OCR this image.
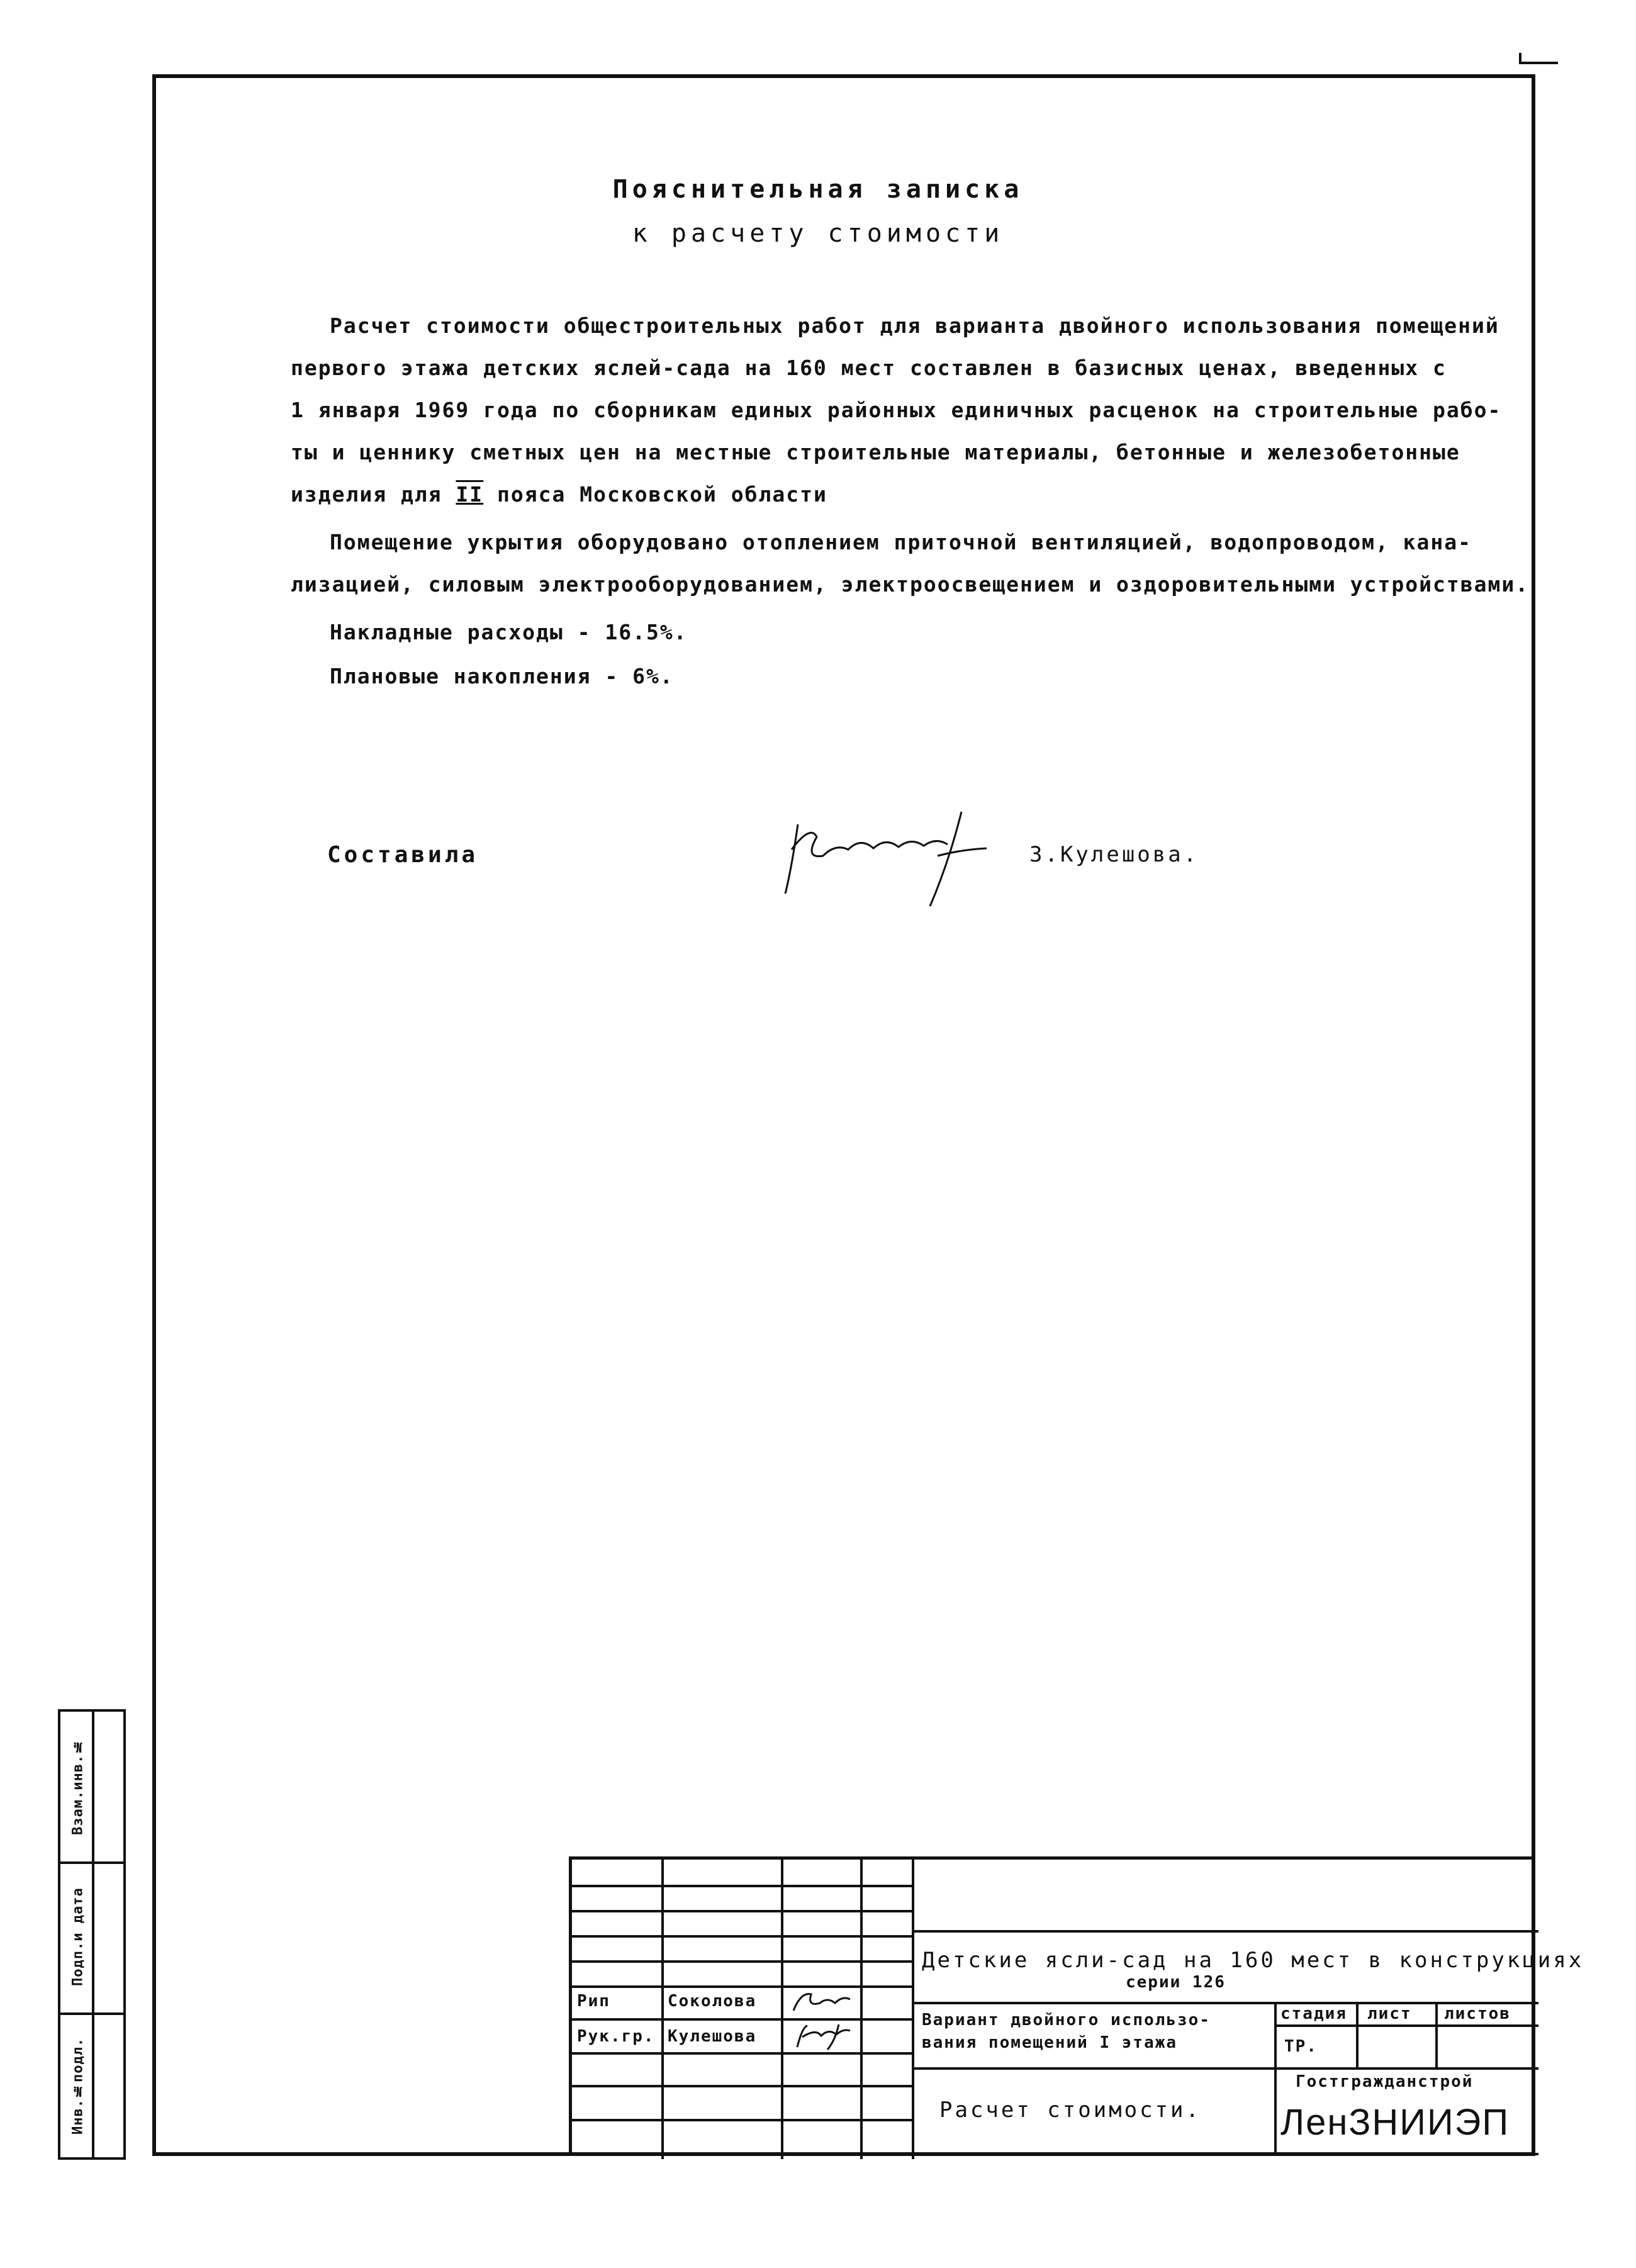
Пояснительная записка
к расчету стоимости
Расчет стоимости общестроительных работ для варианта двойного использования помещений
первого этажа детских яслей-сада на 160 мест составлен в базисных ценах, введенных с
1 января 1969 года по сборникам единых районных единичных расценок на строительные рабо-
ты и ценнику сметных цен на местные строительные материалы, бетонные и железобетонные
изделия для II пояса Московской области
Помещение укрытия оборудовано отоплением приточной вентиляцией, водопроводом, кана-
лизацией, силовым электрооборудованием, электроосвещением и оздоровительными устройствами.
Накладные расходы - 16.5%.
Плановые накопления - 6%.
Составила	З.Кулешова.
Инв.№подл.
Подп.и дата
Взам.инв.№
Рип	Соколова
Рук.гр. Кулешова
Детские ясли-сад на 160 мест в конструкциях
серии 126
Вариант двойного использо-
вания помещений I этажа
стадия лист листов
ТР.
Расчет стоимости.
Гостгражданстрой
ЛенЗНИИЭП
